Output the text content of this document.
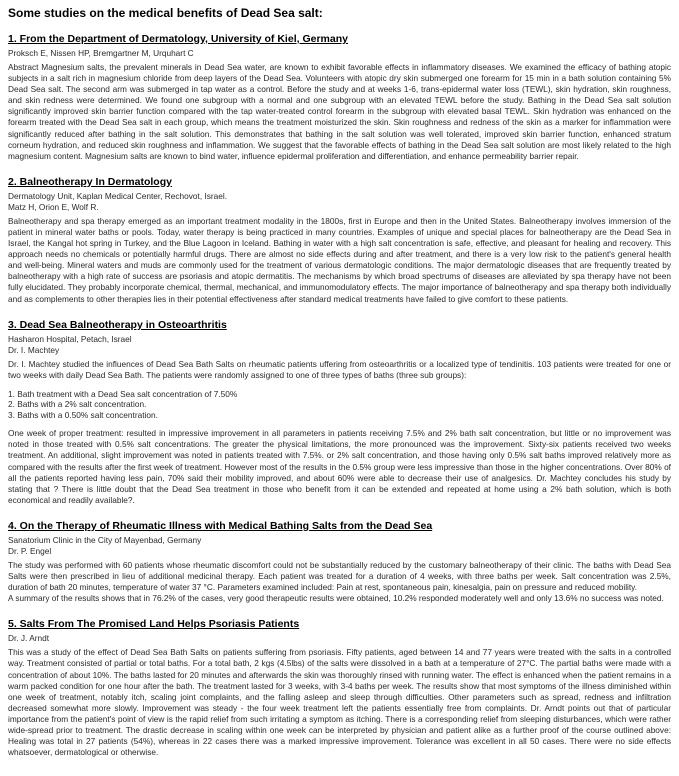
Some studies on the medical benefits of Dead Sea salt:
1. From the Department of Dermatology, University of Kiel, Germany

Proksch E, Nissen HP, Bremgartner M, Urquhart C

Abstract Magnesium salts, the prevalent minerals in Dead Sea water, are known to exhibit favorable effects in inflammatory diseases. We examined the efficacy of bathing atopic subjects in a salt rich in magnesium chloride from deep layers of the Dead Sea. Volunteers with atopic dry skin submerged one forearm for 15 min in a bath solution containing 5% Dead Sea salt. The second arm was submerged in tap water as a control. Before the study and at weeks 1-6, trans-epidermal water loss (TEWL), skin hydration, skin roughness, and skin redness were determined. We found one subgroup with a normal and one subgroup with an elevated TEWL before the study. Bathing in the Dead Sea salt solution significantly improved skin barrier function compared with the tap water-treated control forearm in the subgroup with elevated basal TEWL. Skin hydration was enhanced on the forearm treated with the Dead Sea salt in each group, which means the treatment moisturized the skin. Skin roughness and redness of the skin as a marker for inflammation were significantly reduced after bathing in the salt solution. This demonstrates that bathing in the salt solution was well tolerated, improved skin barrier function, enhanced stratum corneum hydration, and reduced skin roughness and inflammation. We suggest that the favorable effects of bathing in the Dead Sea salt solution are most likely related to the high magnesium content. Magnesium salts are known to bind water, influence epidermal proliferation and differentiation, and enhance permeability barrier repair.

2. Balneotherapy In Dermatology

Dermatology Unit, Kaplan Medical Center, Rechovot, Israel.

Matz H, Orion E, Wolf R.

Balneotherapy and spa therapy emerged as an important treatment modality in the 1800s, first in Europe and then in the United States. Balneotherapy involves immersion of the patient in mineral water baths or pools. Today, water therapy is being practiced in many countries. Examples of unique and special places for balneotherapy are the Dead Sea in Israel, the Kangal hot spring in Turkey, and the Blue Lagoon in Iceland. Bathing in water with a high salt concentration is safe, effective, and pleasant for healing and recovery. This approach needs no chemicals or potentially harmful drugs. There are almost no side effects during and after treatment, and there is a very low risk to the patient's general health and well-being. Mineral waters and muds are commonly used for the treatment of various dermatologic conditions. The major dermatologic diseases that are frequently treated by balneotherapy with a high rate of success are psoriasis and atopic dermatitis. The mechanisms by which broad spectrums of diseases are alleviated by spa therapy have not been fully elucidated. They probably incorporate chemical, thermal, mechanical, and immunomodulatory effects. The major importance of balneotherapy and spa therapy both individually and as complements to other therapies lies in their potential effectiveness after standard medical treatments have failed to give comfort to these patients.

3. Dead Sea Balneotherapy in Osteoarthritis

Hasharon Hospital, Petach, Israel

Dr. I. Machtey

Dr. I. Machtey studied the influences of Dead Sea Bath Salts on rheumatic patients uffering from osteoarthritis or a localized type of tendinitis. 103 patients were treated for one or two weeks with daily Dead Sea Bath. The patients were randomly assigned to one of three types of baths (three sub groups):

1. Bath treatment with a Dead Sea salt concentration of 7.50%
2. Baths with a 2% salt concentration.
3. Baths with a 0.50% salt concentration.

One week of proper treatment: resulted in impressive improvement in all parameters in patients receiving 7.5% and 2% bath salt concentration, but little or no improvement was noted in those treated with 0.5% salt concentrations. The greater the physical limitations, the more pronounced was the improvement. Sixty-six patients received two weeks treatment. An additional, slight improvement was noted in patients treated with 7.5%. or 2% salt concentration, and those having only 0.5% salt baths improved relatively more as compared with the results after the first week of treatment. However most of the results in the 0.5% group were less impressive than those in the higher concentrations. Over 80% of all the patients reported having less pain, 70% said their mobility improved, and about 60% were able to decrease their use of analgesics. Dr. Machtey concludes his study by stating that ? There is little doubt that the Dead Sea treatment in those who benefit from it can be extended and repeated at home using a 2% bath solution, which is both economical and readily available?.

4. On the Therapy of Rheumatic Illness with Medical Bathing Salts from the Dead Sea

Sanatorium Clinic in the City of Mayenbad, Germany

Dr. P. Engel

The study was performed with 60 patients whose rheumatic discomfort could not be substantially reduced by the customary balneotherapy of their clinic. The baths with Dead Sea Salts were then prescribed in lieu of additional medicinal therapy. Each patient was treated for a duration of 4 weeks, with three baths per week. Salt concentration was 2.5%, duration of bath 20 minutes, temperature of water 37 °C. Parameters examined included: Pain at rest, spontaneous pain, kinesalgia, pain on pressure and reduced mobility.

A summary of the results shows that in 76.2% of the cases, very good therapeutic results were obtained, 10.2% responded moderately well and only 13.6% no success was noted.

5. Salts From The Promised Land Helps Psoriasis Patients

Dr. J. Arndt

This was a study of the effect of Dead Sea Bath Salts on patients suffering from psoriasis. Fifty patients, aged between 14 and 77 years were treated with the salts in a controlled way. Treatment consisted of partial or total baths. For a total bath, 2 kgs (4.5lbs) of the salts were dissolved in a bath at a temperature of 27°C. The partial baths were made with a concentration of about 10%. The baths lasted for 20 minutes and afterwards the skin was thoroughly rinsed with running water. The effect is enhanced when the patient remains in a warm packed condition for one hour after the bath. The treatment lasted for 3 weeks, with 3-4 baths per week. The results show that most symptoms of the illness diminished within one week of treatment, notably itch, scaling joint complaints, and the falling asleep and sleep through difficulties. Other parameters such as spread, redness and infiltration decreased somewhat more slowly. Improvement was steady - the four week treatment left the patients essentially free from complaints. Dr. Arndt points out that of particular importance from the patient's point of view is the rapid relief from such irritating a symptom as itching. There is a corresponding relief from sleeping disturbances, which were rather wide-spread prior to treatment. The drastic decrease in scaling within one week can be interpreted by physician and patient alike as a further proof of the course outlined above: Healing was total in 27 patients (54%), whereas in 22 cases there was a marked impressive improvement. Tolerance was excellent in all 50 cases. There were no side effects whatsoever, dermatological or otherwise.
